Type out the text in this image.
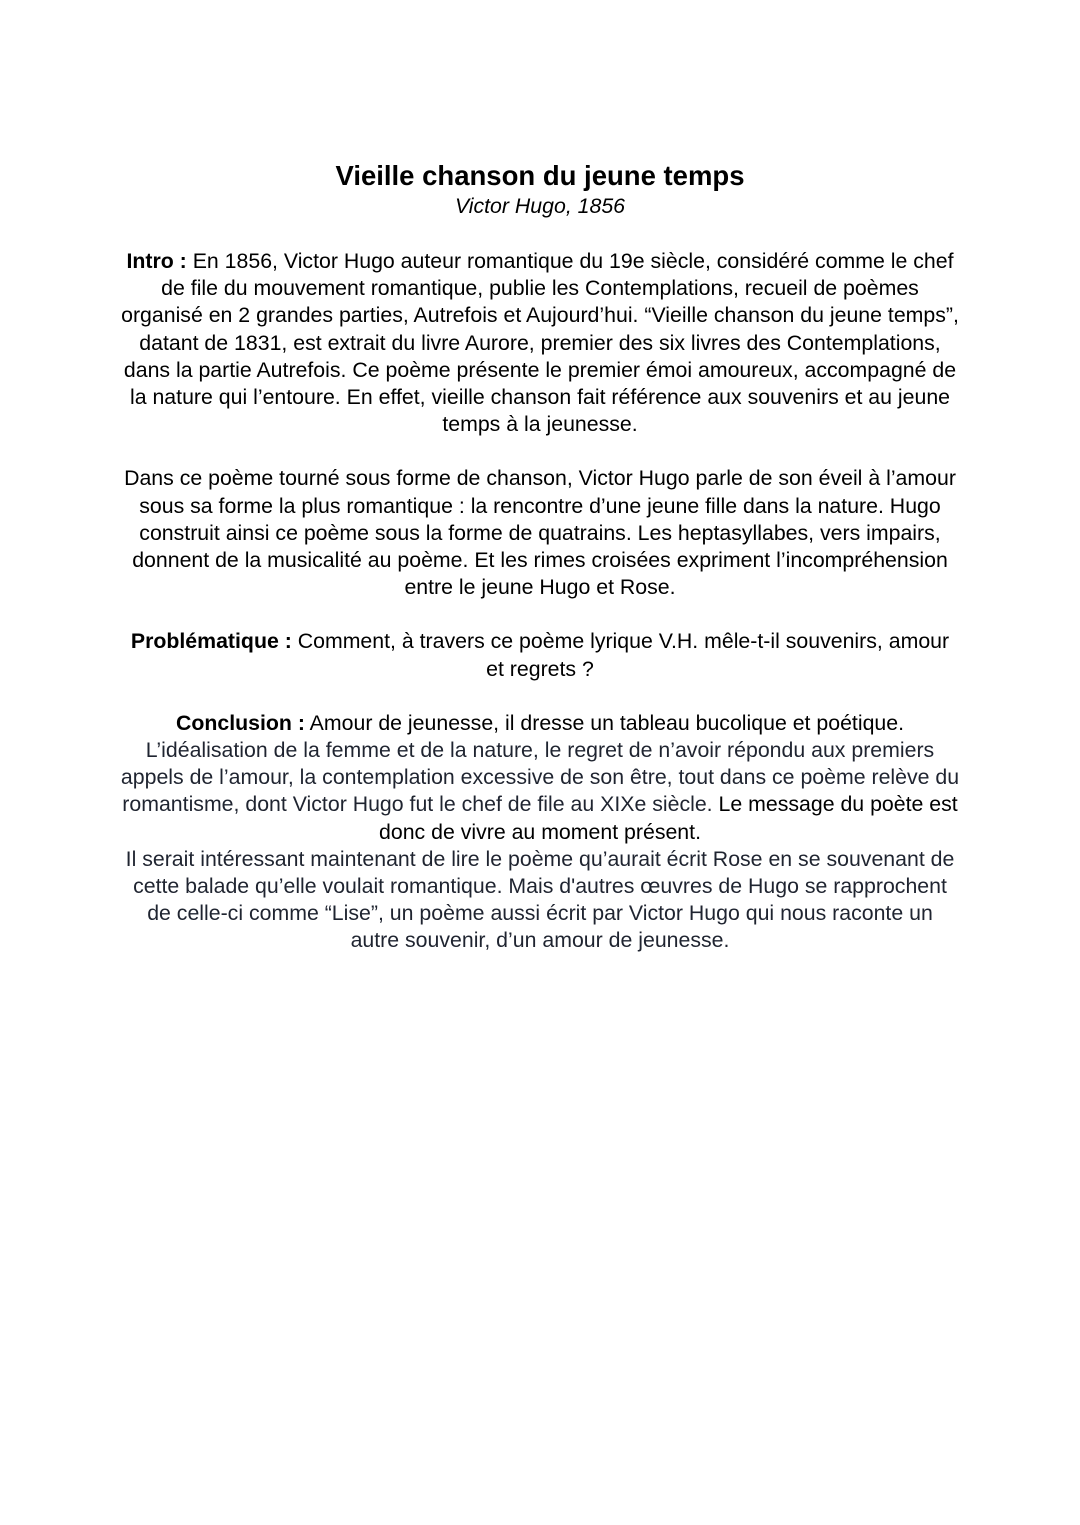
Vieille chanson du jeune temps
Victor Hugo, 1856

Intro : En 1856, Victor Hugo auteur romantique du 19e siècle, considéré comme le chef de file du mouvement romantique, publie les Contemplations, recueil de poèmes organisé en 2 grandes parties, Autrefois et Aujourd’hui. “Vieille chanson du jeune temps”, datant de 1831, est extrait du livre Aurore, premier des six livres des Contemplations, dans la partie Autrefois. Ce poème présente le premier émoi amoureux, accompagné de la nature qui l’entoure. En effet, vieille chanson fait référence aux souvenirs et au jeune temps à la jeunesse.

Dans ce poème tourné sous forme de chanson, Victor Hugo parle de son éveil à l’amour sous sa forme la plus romantique : la rencontre d’une jeune fille dans la nature. Hugo construit ainsi ce poème sous la forme de quatrains. Les heptasyllabes, vers impairs, donnent de la musicalité au poème. Et les rimes croisées expriment l’incompréhension entre le jeune Hugo et Rose.

Problématique : Comment, à travers ce poème lyrique V.H. mêle-t-il souvenirs, amour et regrets ?

Conclusion : Amour de jeunesse, il dresse un tableau bucolique et poétique. L’idéalisation de la femme et de la nature, le regret de n’avoir répondu aux premiers appels de l’amour, la contemplation excessive de son être, tout dans ce poème relève du romantisme, dont Victor Hugo fut le chef de file au XIXe siècle. Le message du poète est donc de vivre au moment présent.

Il serait intéressant maintenant de lire le poème qu’aurait écrit Rose en se souvenant de cette balade qu’elle voulait romantique. Mais d'autres œuvres de Hugo se rapprochent de celle-ci comme “Lise”, un poème aussi écrit par Victor Hugo qui nous raconte un autre souvenir, d’un amour de jeunesse.
